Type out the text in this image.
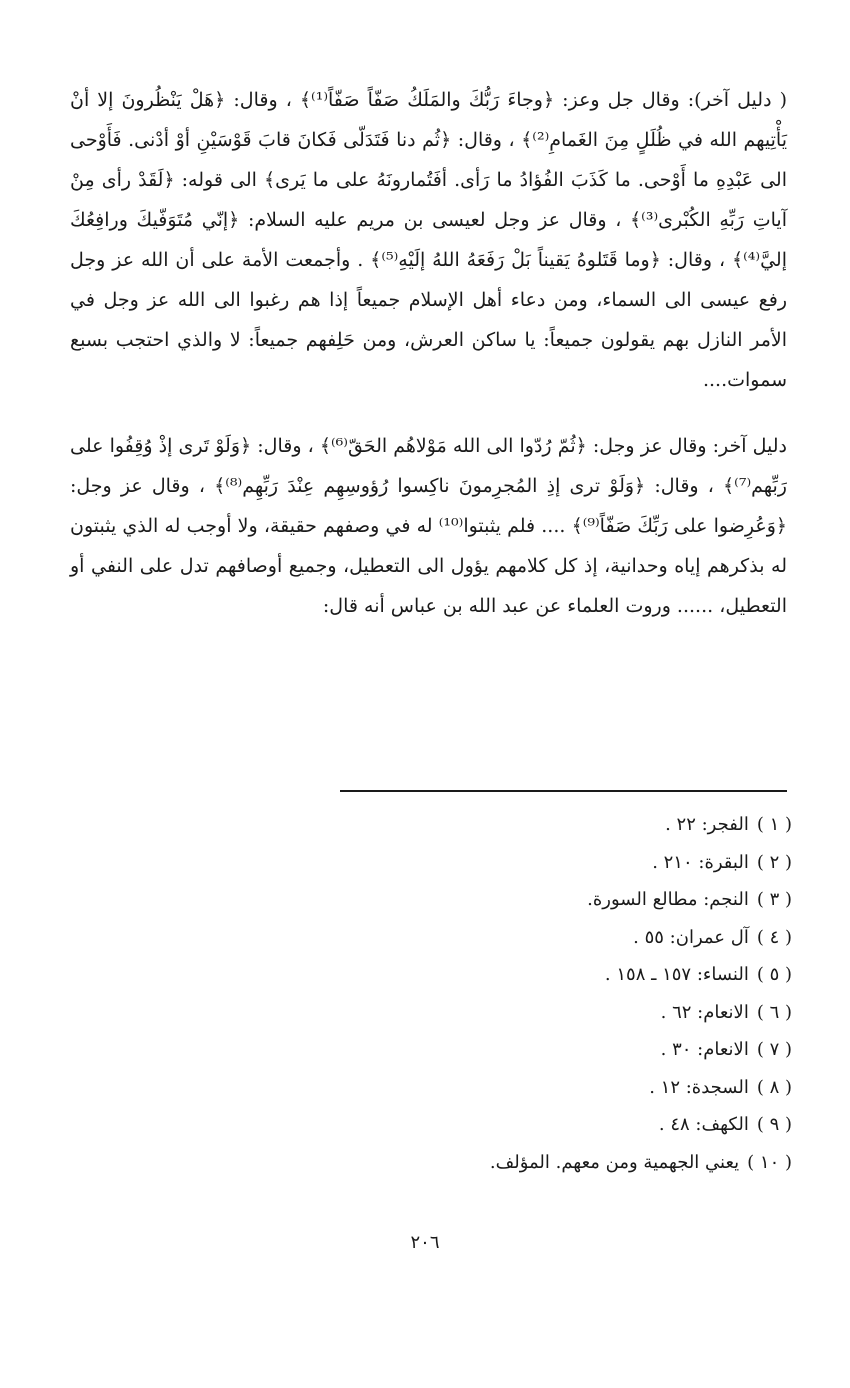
( دليل آخر): وقال جل وعز: ﴿وجاءَ رَبُّكَ والمَلَكُ صَفّاً صَفّاً⁽¹⁾﴾ ، وقال: ﴿هَلْ يَنْظُرونَ إلا أنْ يَأْتِيهم الله في ظُلَلٍ مِنَ الغَمامِ⁽²⁾﴾ ، وقال: ﴿ثُم دنا فَتَدَلّى فَكانَ قابَ قَوْسَيْنِ أوْ أدْنى. فَأَوْحى الى عَبْدِهِ ما أَوْحى. ما كَذَبَ الفُؤادُ ما رَأى. أفَتُمارونَهُ على ما يَرى﴾ الى قوله: ﴿لَقَدْ رأى مِنْ آياتِ رَبِّهِ الكُبْرى⁽³⁾﴾ ، وقال عز وجل لعيسى بن مريم عليه السلام: ﴿إنّي مُتَوَفّيكَ ورافِعُكَ إليَّ⁽⁴⁾﴾ ، وقال: ﴿وما قَتَلوهُ يَقيناً بَلْ رَفَعَهُ اللهُ إلَيْهِ⁽⁵⁾﴾ . وأجمعت الأمة على أن الله عز وجل رفع عيسى الى السماء، ومن دعاء أهل الإسلام جميعاً إذا هم رغبوا الى الله عز وجل في الأمر النازل بهم يقولون جميعاً: يا ساكن العرش، ومن حَلِفهم جميعاً: لا والذي احتجب بسبع سموات....

دليل آخر: وقال عز وجل: ﴿ثُمّ رُدّوا الى الله مَوْلاهُم الحَقّ⁽⁶⁾﴾ ، وقال: ﴿وَلَوْ تَرى إذْ وُقِفُوا على رَبِّهم⁽⁷⁾﴾ ، وقال: ﴿وَلَوْ ترى إذِ المُجرِمونَ ناكِسوا رُؤوسِهِم عِنْدَ رَبِّهِم⁽⁸⁾﴾ ، وقال عز وجل: ﴿وَعُرِضوا على رَبِّكَ صَفّاً⁽⁹⁾﴾ .... فلم يثبتوا⁽¹⁰⁾ له في وصفهم حقيقة، ولا أوجب له الذي يثبتون له بذكرهم إياه وحدانية، إذ كل كلامهم يؤول الى التعطيل، وجميع أوصافهم تدل على النفي أو التعطيل، ...... وروت العلماء عن عبد الله بن عباس أنه قال:

( ١ )الفجر: ٢٢ .
( ٢ )البقرة: ٢١٠ .
( ٣ )النجم: مطالع السورة.
( ٤ )آل عمران: ٥٥ .
( ٥ )النساء: ١٥٧ ـ ١٥٨ .
( ٦ )الانعام: ٦٢ .
( ٧ )الانعام: ٣٠ .
( ٨ )السجدة: ١٢ .
( ٩ )الكهف: ٤٨ .
( ١٠ )يعني الجهمية ومن معهم. المؤلف.
٢٠٦
